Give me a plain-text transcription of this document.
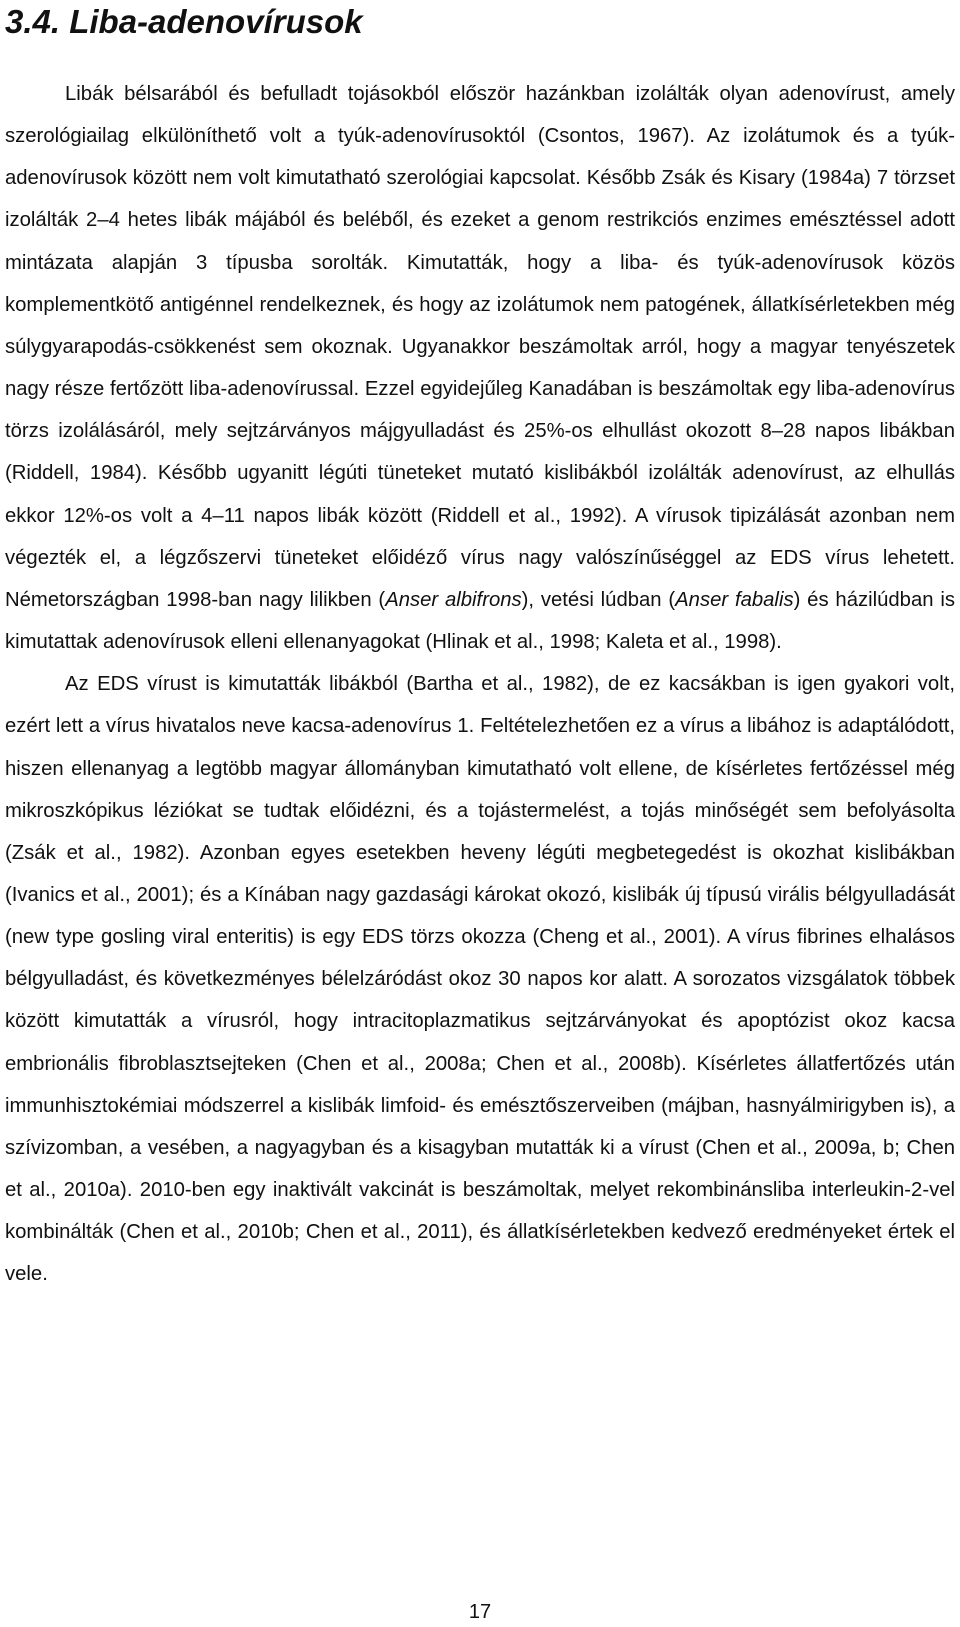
3.4. Liba-adenovírusok

Libák bélsarából és befulladt tojásokból először hazánkban izolálták olyan adenovírust, amely szerológiailag elkülöníthető volt a tyúk-adenovírusoktól (Csontos, 1967). Az izolátumok és a tyúk-adenovírusok között nem volt kimutatható szerológiai kapcsolat. Később Zsák és Kisary (1984a) 7 törzset izolálták 2–4 hetes libák májából és beléből, és ezeket a genom restrikciós enzimes emésztéssel adott mintázata alapján 3 típusba sorolták. Kimutatták, hogy a liba- és tyúk-adenovírusok közös komplementkötő antigénnel rendelkeznek, és hogy az izolátumok nem patogének, állatkísérletekben még súlygyarapodás-csökkenést sem okoznak. Ugyanakkor beszámoltak arról, hogy a magyar tenyészetek nagy része fertőzött liba-adenovírussal. Ezzel egyidejűleg Kanadában is beszámoltak egy liba-adenovírus törzs izolálásáról, mely sejtzárványos májgyulladást és 25%-os elhullást okozott 8–28 napos libákban (Riddell, 1984). Később ugyanitt légúti tüneteket mutató kislibákból izolálták adenovírust, az elhullás ekkor 12%-os volt a 4–11 napos libák között (Riddell et al., 1992). A vírusok tipizálását azonban nem végezték el, a légzőszervi tüneteket előidéző vírus nagy valószínűséggel az EDS vírus lehetett. Németországban 1998-ban nagy lilikben (Anser albifrons), vetési lúdban (Anser fabalis) és házilúdban is kimutattak adenovírusok elleni ellenanyagokat (Hlinak et al., 1998; Kaleta et al., 1998).

Az EDS vírust is kimutatták libákból (Bartha et al., 1982), de ez kacsákban is igen gyakori volt, ezért lett a vírus hivatalos neve kacsa-adenovírus 1. Feltételezhetően ez a vírus a libához is adaptálódott, hiszen ellenanyag a legtöbb magyar állományban kimutatható volt ellene, de kísérletes fertőzéssel még mikroszkópikus léziókat se tudtak előidézni, és a tojástermelést, a tojás minőségét sem befolyásolta (Zsák et al., 1982). Azonban egyes esetekben heveny légúti megbetegedést is okozhat kislibákban (Ivanics et al., 2001); és a Kínában nagy gazdasági károkat okozó, kislibák új típusú virális bélgyulladását (new type gosling viral enteritis) is egy EDS törzs okozza (Cheng et al., 2001). A vírus fibrines elhalásos bélgyulladást, és következményes bélelzáródást okoz 30 napos kor alatt. A sorozatos vizsgálatok többek között kimutatták a vírusról, hogy intracitoplazmatikus sejtzárványokat és apoptózist okoz kacsa embrionális fibroblasztsejteken (Chen et al., 2008a; Chen et al., 2008b). Kísérletes állatfertőzés után immunhisztokémiai módszerrel a kislibák limfoid- és emésztőszerveiben (májban, hasnyálmirigyben is), a szívizomban, a vesében, a nagyagyban és a kisagyban mutatták ki a vírust (Chen et al., 2009a, b; Chen et al., 2010a). 2010-ben egy inaktivált vakcinát is beszámoltak, melyet rekombinánsliba interleukin-2-vel kombinálták (Chen et al., 2010b; Chen et al., 2011), és állatkísérletekben kedvező eredményeket értek el vele.

17
